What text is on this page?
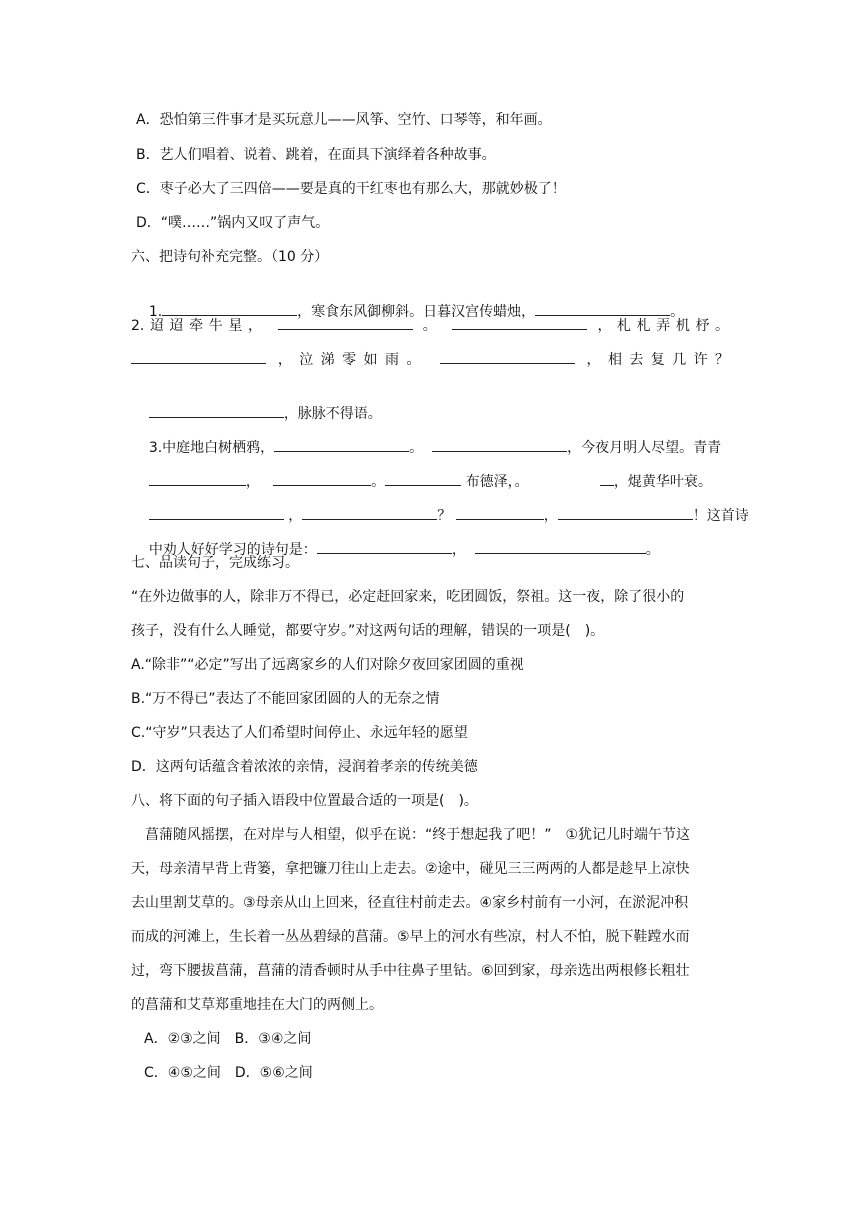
A．恐怕第三件事才是买玩意儿——风筝、空竹、口琴等，和年画。
B．艺人们唱着、说着、跳着，在面具下演绎着各种故事。
C．枣子必大了三四倍——要是真的干红枣也有那么大，那就妙极了！
D．“噗……”锅内又叹了声气。
六、把诗句补充完整。（10 分）

1.	，寒食东风御柳斜。日暮汉宫传蜡烛，	。

2.迢迢牵牛星，	。	，札札弄机杼。
，泣涕零如雨。	，相去复几许？

，脉脉不得语。

3.中庭地白树栖鸦，	。	，今夜月明人尽望。青青

，	。	布德泽，。	，焜黄华叶衰。

，	？	，	！这首诗

中劝人好好学习的诗句是：	，	。

七、品读句子，完成练习。
“在外边做事的人，除非万不得已，必定赶回家来，吃团圆饭，祭祖。这一夜，除了很小的
孩子，没有什么人睡觉，都要守岁。”对这两句话的理解，错误的一项是(　)。
A.“除非”“必定”写出了远离家乡的人们对除夕夜回家团圆的重视
B.“万不得已”表达了不能回家团圆的人的无奈之情
C.“守岁”只表达了人们希望时间停止、永远年轻的愿望
D．这两句话蕴含着浓浓的亲情，浸润着孝亲的传统美德
八、将下面的句子插入语段中位置最合适的一项是(　)。
　菖蒲随风摇摆，在对岸与人相望，似乎在说：“终于想起我了吧！”　①犹记儿时端午节这
天，母亲清早背上背篓，拿把镰刀往山上走去。②途中，碰见三三两两的人都是趁早上凉快
去山里割艾草的。③母亲从山上回来，径直往村前走去。④家乡村前有一小河，在淤泥冲积
而成的河滩上，生长着一丛丛碧绿的菖蒲。⑤早上的河水有些凉，村人不怕，脱下鞋蹚水而
过，弯下腰拔菖蒲，菖蒲的清香顿时从手中往鼻子里钻。⑥回到家，母亲选出两根修长粗壮
的菖蒲和艾草郑重地挂在大门的两侧上。
A．②③之间　B．③④之间
C．④⑤之间　D．⑤⑥之间
